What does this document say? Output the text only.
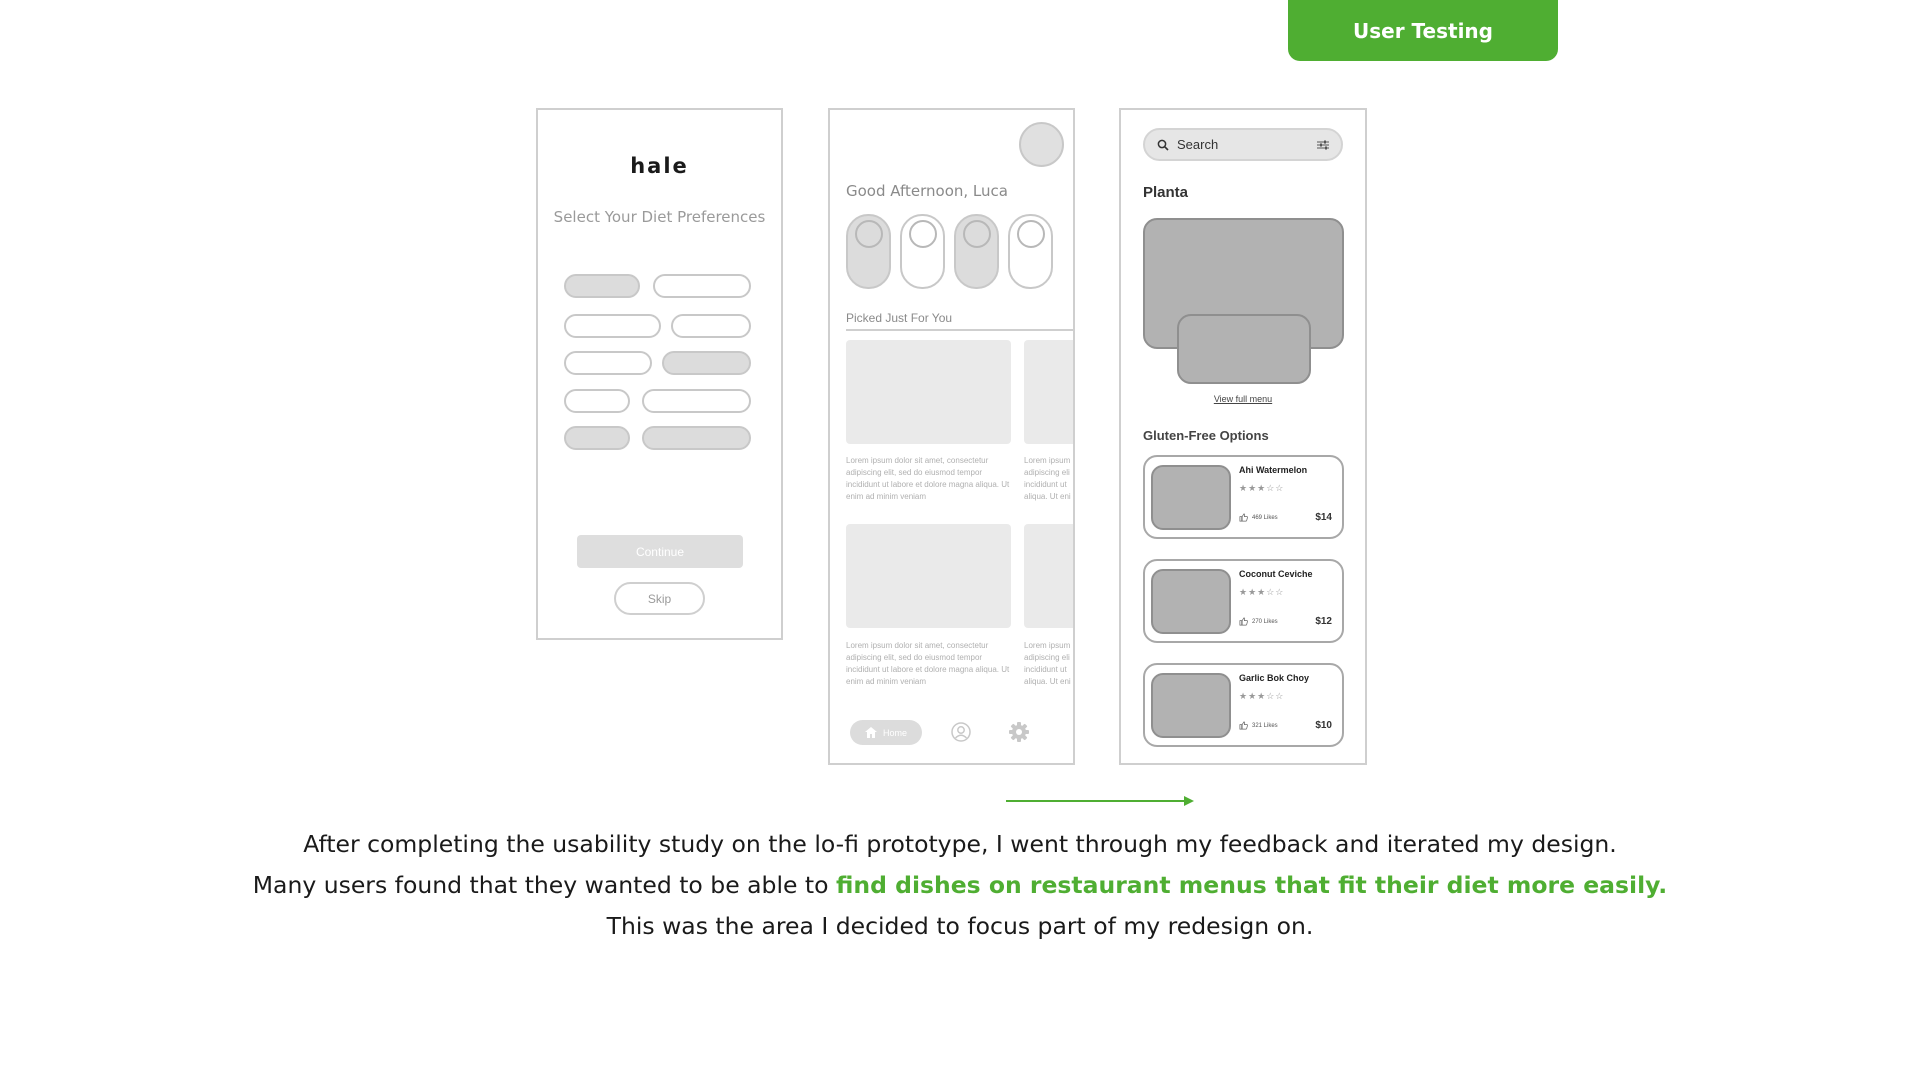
User Testing
hale
Select Your Diet Preferences
Continue
Skip
Good Afternoon, Luca
Picked Just For You
Lorem ipsum dolor sit amet, consectetur adipiscing elit, sed do eiusmod tempor incididunt ut labore et dolore magna aliqua. Ut enim ad minim veniam
Lorem ipsum adipiscing eli incididunt ut aliqua. Ut eni
Lorem ipsum dolor sit amet, consectetur adipiscing elit, sed do eiusmod tempor incididunt ut labore et dolore magna aliqua. Ut enim ad minim veniam
Lorem ipsum adipiscing eli incididunt ut aliqua. Ut eni
Home
Search
Planta
View full menu
Gluten-Free Options
Ahi Watermelon
★★★☆☆
469 Likes	$14
Coconut Ceviche
★★★☆☆
270 Likes	$12
Garlic Bok Choy
★★★☆☆
321 Likes	$10
After completing the usability study on the lo-fi prototype, I went through my feedback and iterated my design.
Many users found that they wanted to be able to find dishes on restaurant menus that fit their diet more easily.
This was the area I decided to focus part of my redesign on.
